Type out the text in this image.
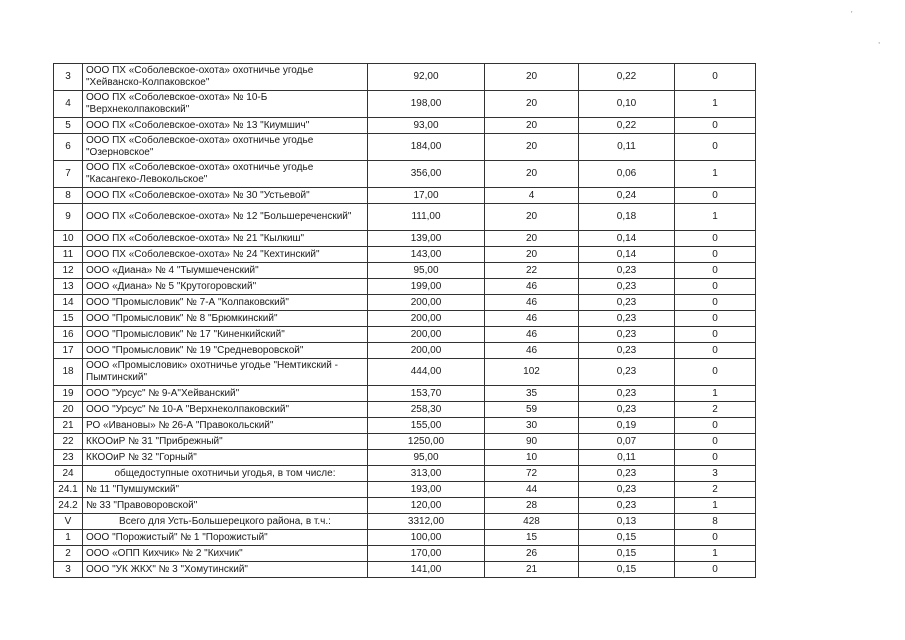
'
,
3	ООО ПХ «Соболевское-охота» охотничье угодье "Хейванско-Колпаковское"	92,00	20	0,22	0
4	ООО ПХ «Соболевское-охота» № 10-Б "Верхнеколпаковский"	198,00	20	0,10	1
5	ООО ПХ «Соболевское-охота» № 13 "Киумшич"	93,00	20	0,22	0
6	ООО ПХ «Соболевское-охота» охотничье угодье "Озерновское"	184,00	20	0,11	0
7	ООО ПХ «Соболевское-охота» охотничье угодье "Касангеко-Левокольское"	356,00	20	0,06	1
8	ООО ПХ «Соболевское-охота» № 30 "Устьевой"	17,00	4	0,24	0
9	ООО ПХ «Соболевское-охота» № 12 "Большереченский"	111,00	20	0,18	1
10	ООО ПХ «Соболевское-охота» № 21 "Кылкиш"	139,00	20	0,14	0
11	ООО ПХ «Соболевское-охота» № 24 "Кехтинский"	143,00	20	0,14	0
12	ООО «Диана» № 4 "Тыумшеченский"	95,00	22	0,23	0
13	ООО «Диана» № 5 "Крутогоровский"	199,00	46	0,23	0
14	ООО "Промысловик" № 7-А "Колпаковский"	200,00	46	0,23	0
15	ООО "Промысловик" № 8 "Брюмкинский"	200,00	46	0,23	0
16	ООО "Промысловик" № 17 "Киненкийский"	200,00	46	0,23	0
17	ООО "Промысловик" № 19 "Средневоровской"	200,00	46	0,23	0
18	ООО «Промысловик» охотничье угодье "Немтикский - Пымтинский"	444,00	102	0,23	0
19	ООО "Урсус" № 9-А"Хейванский"	153,70	35	0,23	1
20	ООО "Урсус" № 10-А "Верхнеколпаковский"	258,30	59	0,23	2
21	РО «Ивановы» № 26-А "Правокольский"	155,00	30	0,19	0
22	ККООиР № 31 "Прибрежный"	1250,00	90	0,07	0
23	ККООиР № 32 "Горный"	95,00	10	0,11	0
24	общедоступные охотничьи угодья, в том числе:	313,00	72	0,23	3
24.1	№ 11 "Пумшумский"	193,00	44	0,23	2
24.2	№ 33 "Правоворовской"	120,00	28	0,23	1
V	Всего для Усть-Большерецкого района, в т.ч.:	3312,00	428	0,13	8
1	ООО "Порожистый" № 1 "Порожистый"	100,00	15	0,15	0
2	ООО «ОПП Кихчик» № 2 "Кихчик"	170,00	26	0,15	1
3	ООО "УК ЖКХ" № 3 "Хомутинский"	141,00	21	0,15	0
